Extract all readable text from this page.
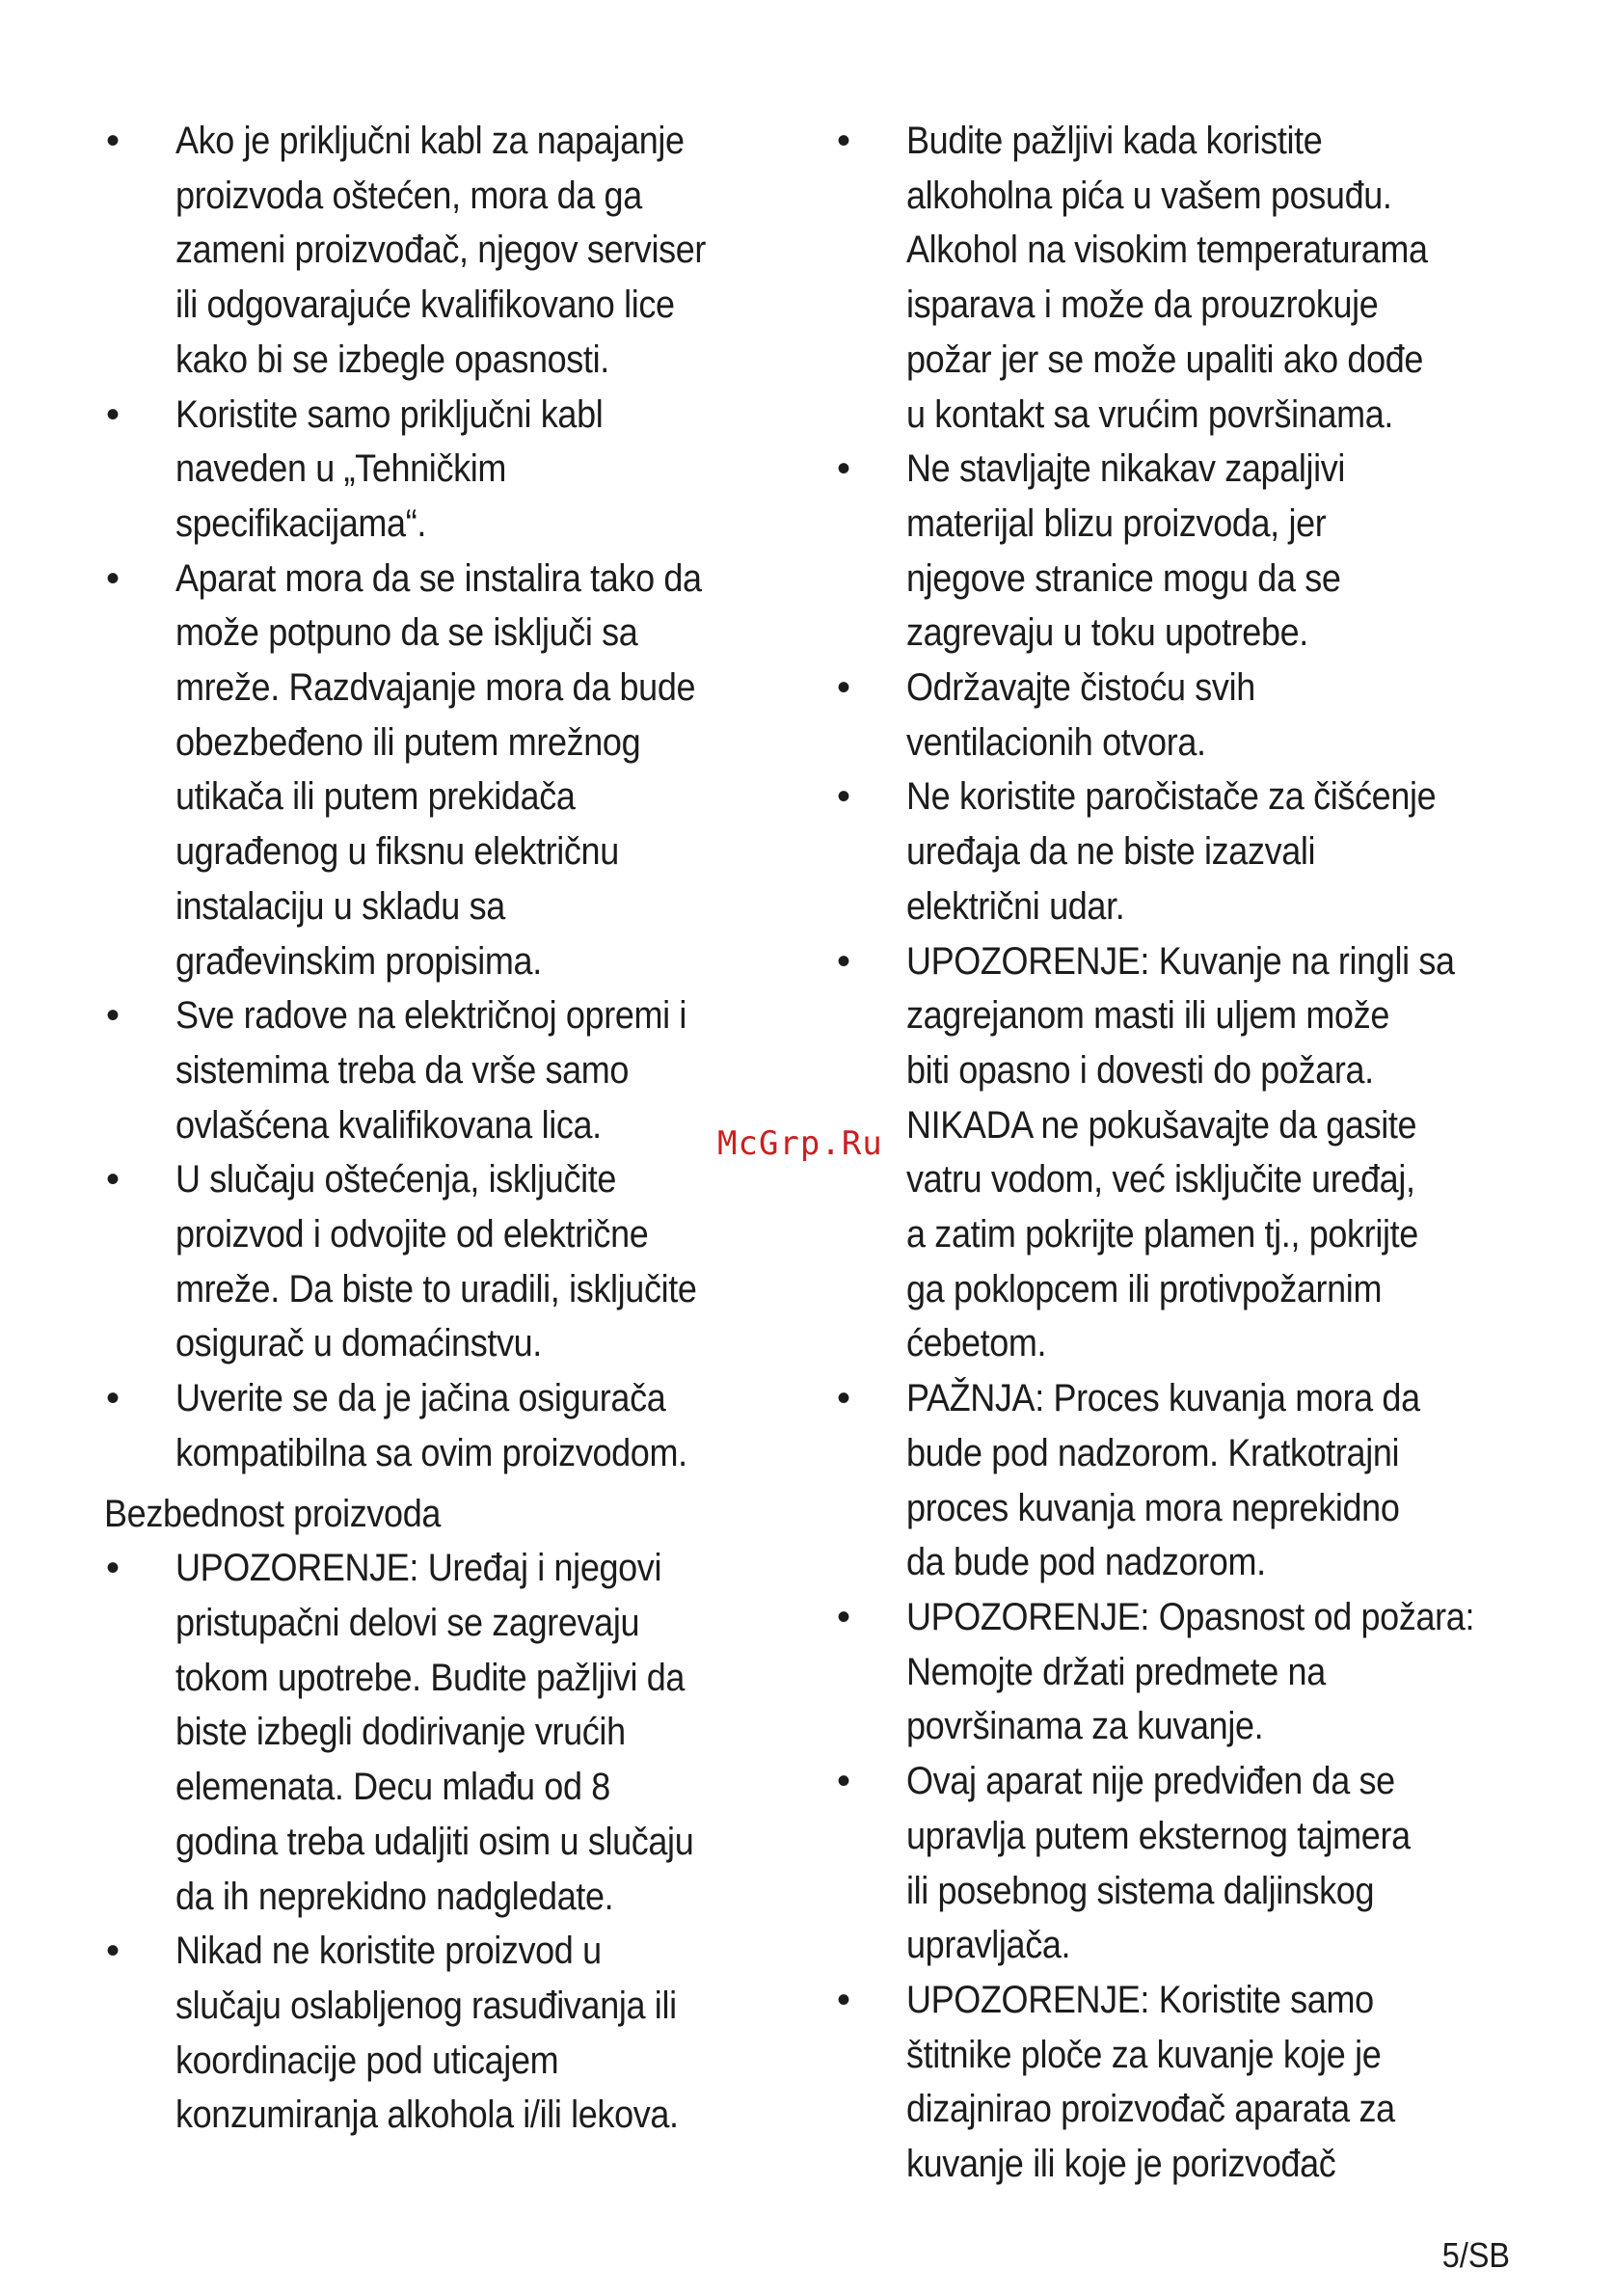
•	Ako je priključni kabl za napajanje
proizvoda oštećen, mora da ga
zameni proizvođač, njegov serviser
ili odgovarajuće kvalifikovano lice
kako bi se izbegle opasnosti.
•	Koristite samo priključni kabl
naveden u „Tehničkim
specifikacijama“.
•	Aparat mora da se instalira tako da
može potpuno da se isključi sa
mreže. Razdvajanje mora da bude
obezbeđeno ili putem mrežnog
utikača ili putem prekidača
ugrađenog u fiksnu električnu
instalaciju u skladu sa
građevinskim propisima.
•	Sve radove na električnoj opremi i
sistemima treba da vrše samo
ovlašćena kvalifikovana lica.
•	U slučaju oštećenja, isključite
proizvod i odvojite od električne
mreže. Da biste to uradili, isključite
osigurač u domaćinstvu.
•	Uverite se da je jačina osigurača
kompatibilna sa ovim proizvodom.
Bezbednost proizvoda
•	UPOZORENJE: Uređaj i njegovi
pristupačni delovi se zagrevaju
tokom upotrebe. Budite pažljivi da
biste izbegli dodirivanje vrućih
elemenata. Decu mlađu od 8
godina treba udaljiti osim u slučaju
da ih neprekidno nadgledate.
•	Nikad ne koristite proizvod u
slučaju oslabljenog rasuđivanja ili
koordinacije pod uticajem
konzumiranja alkohola i/ili lekova.
•	Budite pažljivi kada koristite
alkoholna pića u vašem posuđu.
Alkohol na visokim temperaturama
isparava i može da prouzrokuje
požar jer se može upaliti ako dođe
u kontakt sa vrućim površinama.
•	Ne stavljajte nikakav zapaljivi
materijal blizu proizvoda, jer
njegove stranice mogu da se
zagrevaju u toku upotrebe.
•	Održavajte čistoću svih
ventilacionih otvora.
•	Ne koristite paročistače za čišćenje
uređaja da ne biste izazvali
električni udar.
•	UPOZORENJE: Kuvanje na ringli sa
zagrejanom masti ili uljem može
biti opasno i dovesti do požara.
NIKADA ne pokušavajte da gasite
vatru vodom, već isključite uređaj,
a zatim pokrijte plamen tj., pokrijte
ga poklopcem ili protivpožarnim
ćebetom.
•	PAŽNJA: Proces kuvanja mora da
bude pod nadzorom. Kratkotrajni
proces kuvanja mora neprekidno
da bude pod nadzorom.
•	UPOZORENJE: Opasnost od požara:
Nemojte držati predmete na
površinama za kuvanje.
•	Ovaj aparat nije predviđen da se
upravlja putem eksternog tajmera
ili posebnog sistema daljinskog
upravljača.
•	UPOZORENJE: Koristite samo
štitnike ploče za kuvanje koje je
dizajnirao proizvođač aparata za
kuvanje ili koje je porizvođač
McGrp.Ru
5/SB
